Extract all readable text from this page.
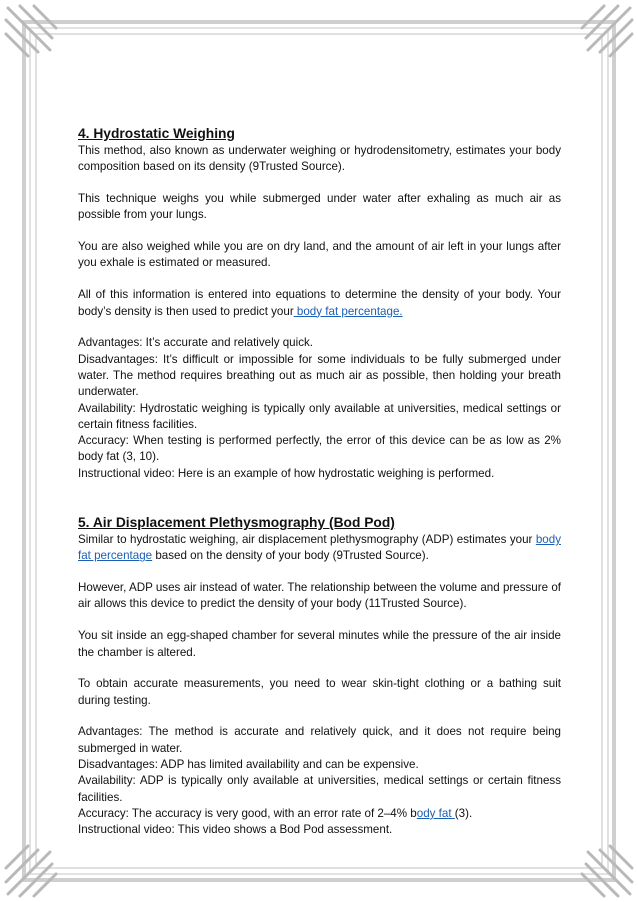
4. Hydrostatic Weighing

This method, also known as underwater weighing or hydrodensitometry, estimates your body composition based on its density (9Trusted Source).

This technique weighs you while submerged under water after exhaling as much air as possible from your lungs.

You are also weighed while you are on dry land, and the amount of air left in your lungs after you exhale is estimated or measured.

All of this information is entered into equations to determine the density of your body. Your body’s density is then used to predict your body fat percentage.

Advantages: It’s accurate and relatively quick.

Disadvantages: It’s difficult or impossible for some individuals to be fully submerged under water. The method requires breathing out as much air as possible, then holding your breath underwater.

Availability: Hydrostatic weighing is typically only available at universities, medical settings or certain fitness facilities.

Accuracy: When testing is performed perfectly, the error of this device can be as low as 2% body fat (3, 10).

Instructional video: Here is an example of how hydrostatic weighing is performed.

5. Air Displacement Plethysmography (Bod Pod)

Similar to hydrostatic weighing, air displacement plethysmography (ADP) estimates your body fat percentage based on the density of your body (9Trusted Source).

However, ADP uses air instead of water. The relationship between the volume and pressure of air allows this device to predict the density of your body (11Trusted Source).

You sit inside an egg-shaped chamber for several minutes while the pressure of the air inside the chamber is altered.

To obtain accurate measurements, you need to wear skin-tight clothing or a bathing suit during testing.

Advantages: The method is accurate and relatively quick, and it does not require being submerged in water.

Disadvantages: ADP has limited availability and can be expensive.

Availability: ADP is typically only available at universities, medical settings or certain fitness facilities.

Accuracy: The accuracy is very good, with an error rate of 2–4% body fat (3).

Instructional video: This video shows a Bod Pod assessment.
